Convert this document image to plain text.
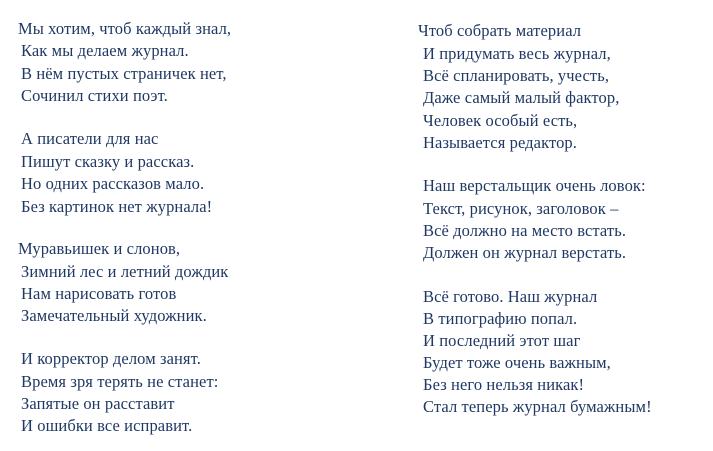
Мы хотим, чтоб каждый знал,
Как мы делаем журнал.
В нём пустых страничек нет,
Сочинил стихи поэт.
А писатели для нас
Пишут сказку и рассказ.
Но одних рассказов мало.
Без картинок нет журнала!
Муравьишек и слонов,
Зимний лес и летний дождик
Нам нарисовать готов
Замечательный художник.
И корректор делом занят.
Время зря терять не станет:
Запятые он расставит
И ошибки все исправит.
Чтоб собрать материал
И придумать весь журнал,
Всё спланировать, учесть,
Даже самый малый фактор,
Человек особый есть,
Называется редактор.
Наш верстальщик очень ловок:
Текст, рисунок, заголовок –
Всё должно на место встать.
Должен он журнал верстать.
Всё готово. Наш журнал
В типографию попал.
И последний этот шаг
Будет тоже очень важным,
Без него нельзя никак!
Стал теперь журнал бумажным!
